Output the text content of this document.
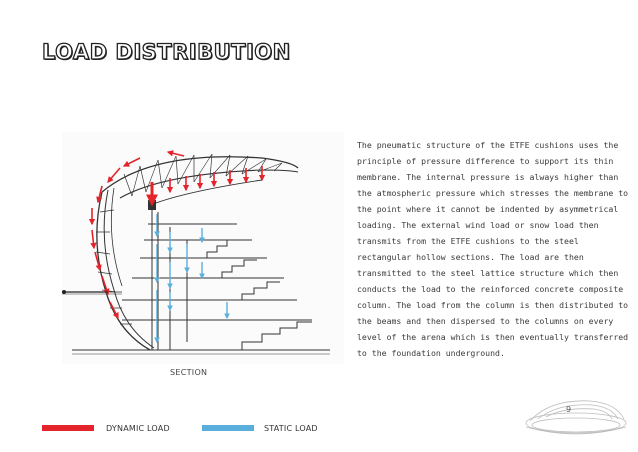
LOAD DISTRIBUTION
SECTION

The pneumatic structure of the ETFE cushions uses the principle of pressure difference to support its thin membrane. The internal pressure is always higher than the atmospheric pressure which stresses the membrane to the point where it cannot be indented by asymmetrical loading. The external wind load or snow load then transmits from the ETFE cushions to the steel rectangular hollow sections. The load are then transmitted to the steel lattice structure which then conducts the load to the reinforced concrete composite column. The load from the column is then distributed to the beams and then dispersed to the columns on every level of the arena which is then eventually transferred to the foundation underground.

DYNAMIC LOAD	STATIC LOAD
9
